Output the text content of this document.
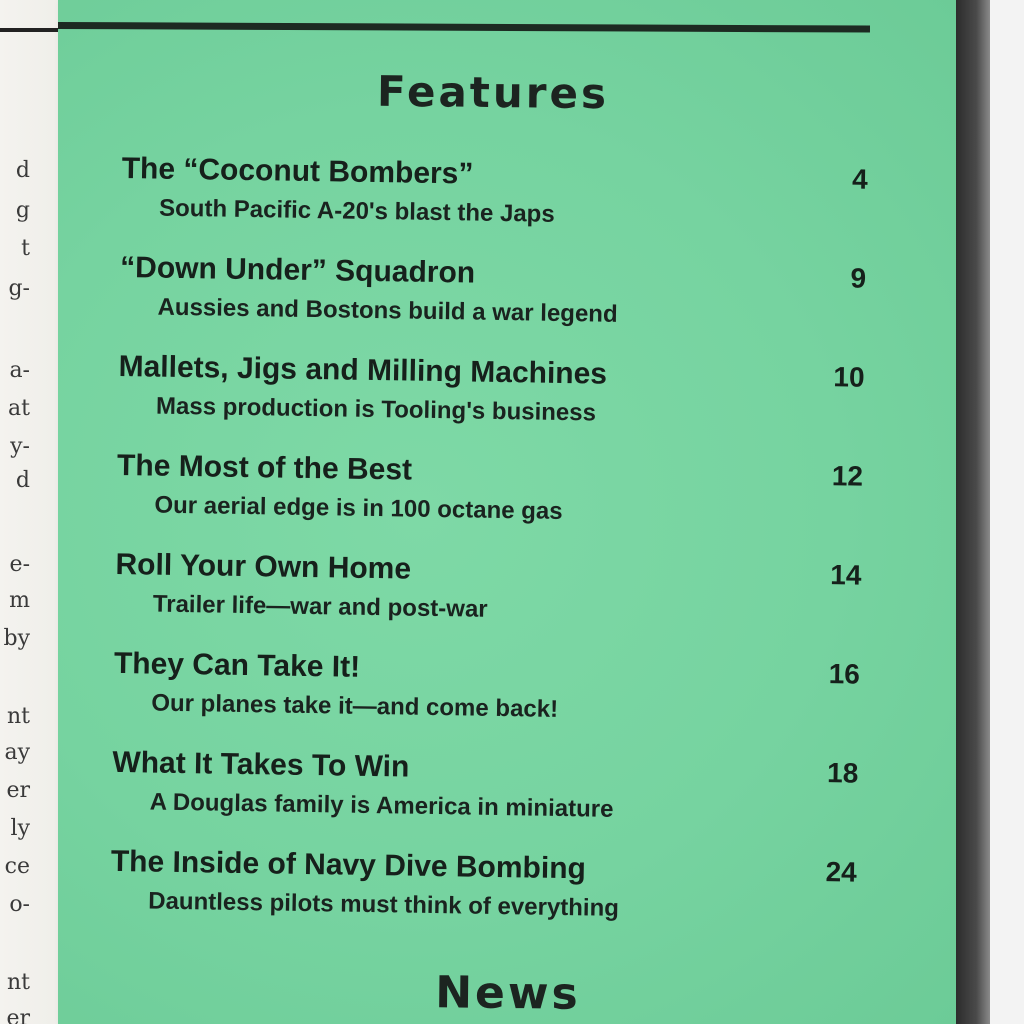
d
g
t
g-
a-
at
y-
d
e-
m
by
nt
ay
er
ly
ce
o-
nt
er
Features
The “Coconut Bombers”	4
South Pacific A-20's blast the Japs
“Down Under” Squadron	9
Aussies and Bostons build a war legend
Mallets, Jigs and Milling Machines	10
Mass production is Tooling's business
The Most of the Best	12
Our aerial edge is in 100 octane gas
Roll Your Own Home	14
Trailer life—war and post-war
They Can Take It!	16
Our planes take it—and come back!
What It Takes To Win	18
A Douglas family is America in miniature
The Inside of Navy Dive Bombing	24
Dauntless pilots must think of everything
News
